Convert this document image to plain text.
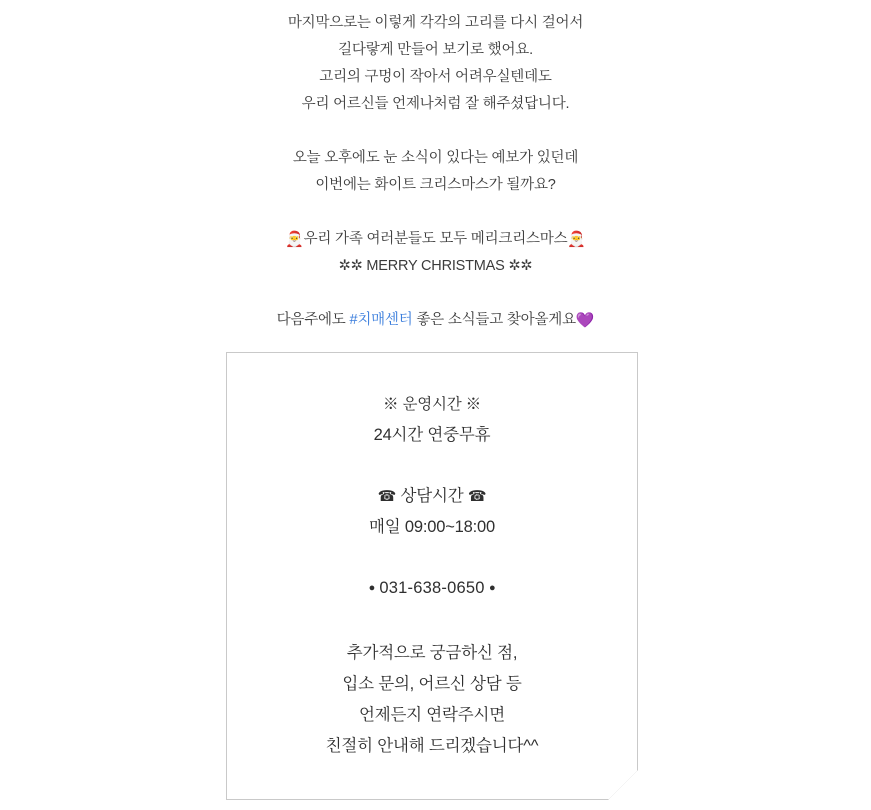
마지막으로는 이렇게 각각의 고리를 다시 걸어서

길다랗게 만들어 보기로 했어요.

고리의 구멍이 작아서 어려우실텐데도

우리 어르신들 언제나처럼 잘 해주셨답니다.

오늘 오후에도 눈 소식이 있다는 예보가 있던데

이번에는 화이트 크리스마스가 될까요?

🎅우리 가족 여러분들도 모두 메리크리스마스🎅

✲✲ MERRY CHRISTMAS ✲✲

다음주에도 #치매센터 좋은 소식들고 찾아올게요💜

※ 운영시간 ※

24시간 연중무휴

☎ 상담시간 ☎

매일 09:00~18:00

● 031-638-0650 ●

추가적으로 궁금하신 점,

입소 문의, 어르신 상담 등

언제든지 연락주시면

친절히 안내해 드리겠습니다^^
